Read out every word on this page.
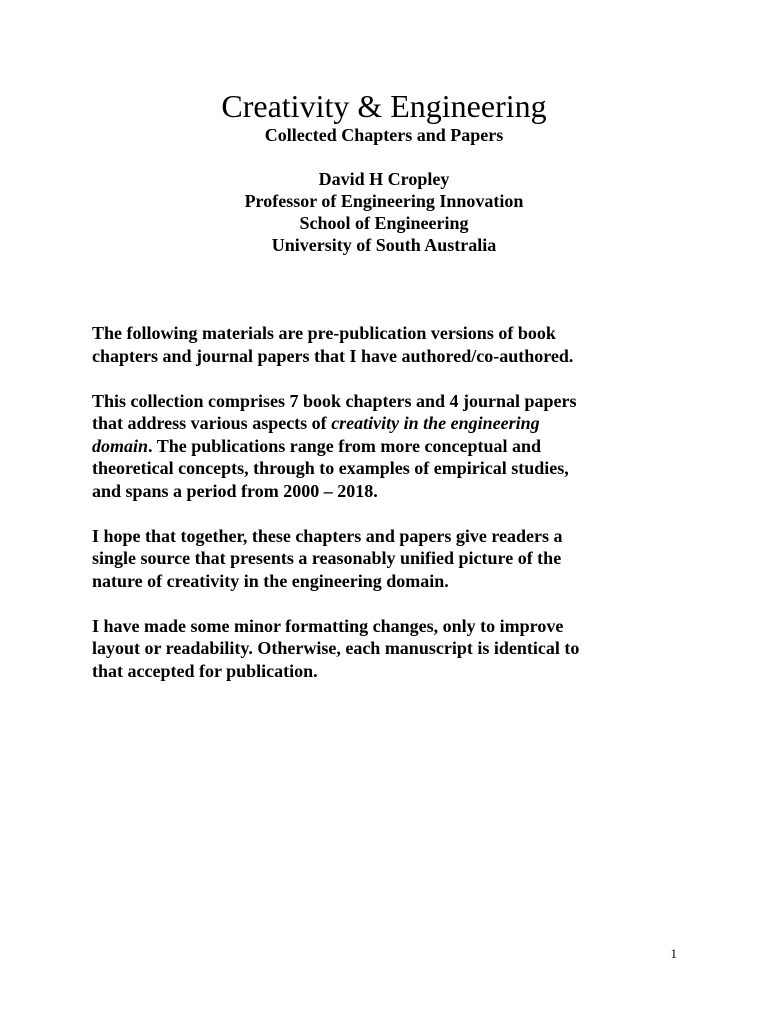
Creativity & Engineering
Collected Chapters and Papers
David H Cropley
Professor of Engineering Innovation
School of Engineering
University of South Australia
The following materials are pre-publication versions of book
chapters and journal papers that I have authored/co-authored.
This collection comprises 7 book chapters and 4 journal papers
that address various aspects of creativity in the engineering
domain. The publications range from more conceptual and
theoretical concepts, through to examples of empirical studies,
and spans a period from 2000 – 2018.
I hope that together, these chapters and papers give readers a
single source that presents a reasonably unified picture of the
nature of creativity in the engineering domain.
I have made some minor formatting changes, only to improve
layout or readability. Otherwise, each manuscript is identical to
that accepted for publication.
1
